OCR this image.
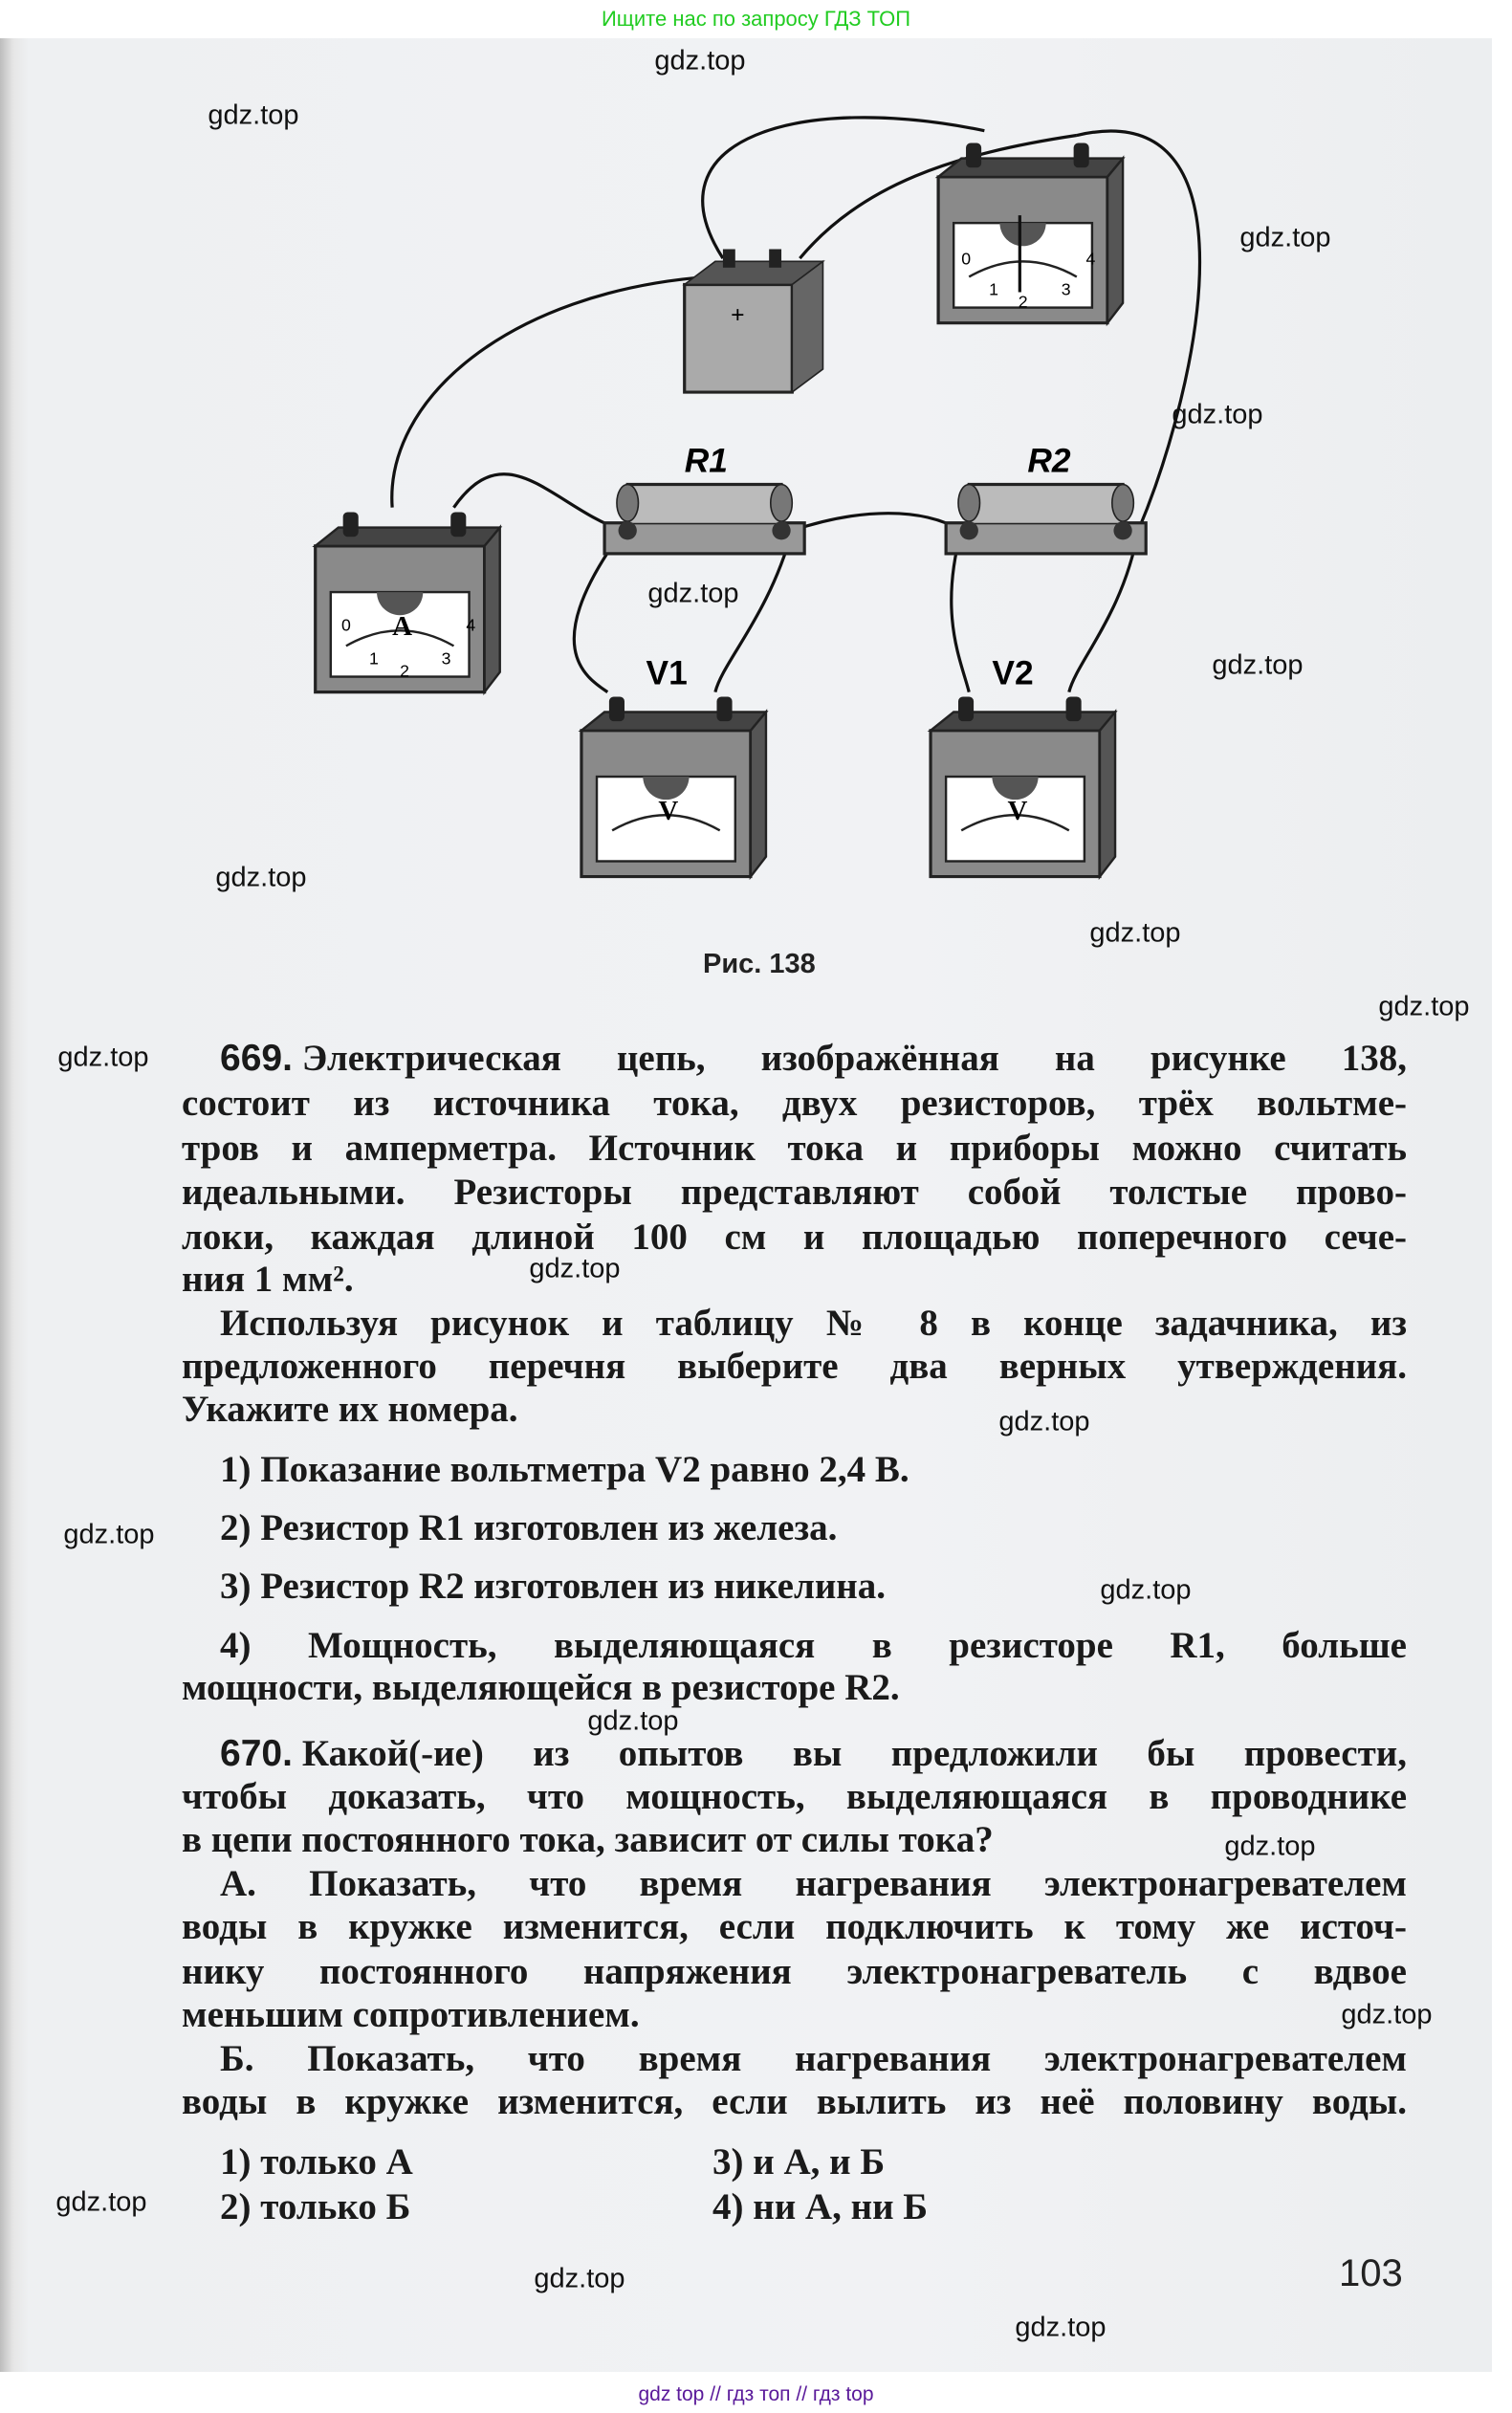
Ищите нас по запросу ГДЗ ТОП
+
A
R1	R2
V1	V2
V	V
0
1
2
3
4
0
1
2
3
4
Рис. 138
669. Электрическая цепь, изображённая на рисунке 138,
состоит из источника тока, двух резисторов, трёх вольтме-
тров и амперметра. Источник тока и приборы можно считать
идеальными. Резисторы представляют собой толстые прово-
локи, каждая длиной 100 см и площадью поперечного сече-
ния 1 мм².
Используя рисунок и таблицу № 8 в конце задачника, из
предложенного перечня выберите два верных утверждения.
Укажите их номера.
1) Показание вольтметра V2 равно 2,4 В.
2) Резистор R1 изготовлен из железа.
3) Резистор R2 изготовлен из никелина.
4) Мощность, выделяющаяся в резисторе R1, больше
мощности, выделяющейся в резисторе R2.
670. Какой(-ие) из опытов вы предложили бы провести,
чтобы доказать, что мощность, выделяющаяся в проводнике
в цепи постоянного тока, зависит от силы тока?
А. Показать, что время нагревания электронагревателем
воды в кружке изменится, если подключить к тому же источ-
нику постоянного напряжения электронагреватель с вдвое
меньшим сопротивлением.
Б. Показать, что время нагревания электронагревателем
воды в кружке изменится, если вылить из неё половину воды.
1) только А
2) только Б
3) и А, и Б
4) ни А, ни Б
gdz.top
gdz.top
gdz.top
gdz.top
gdz.top
gdz.top
gdz.top
gdz.top
gdz.top
gdz.top
gdz.top
gdz.top
gdz.top
gdz.top
gdz.top
gdz.top
gdz.top
gdz.top
gdz.top
gdz.top
103
gdz top // гдз топ // гдз top
